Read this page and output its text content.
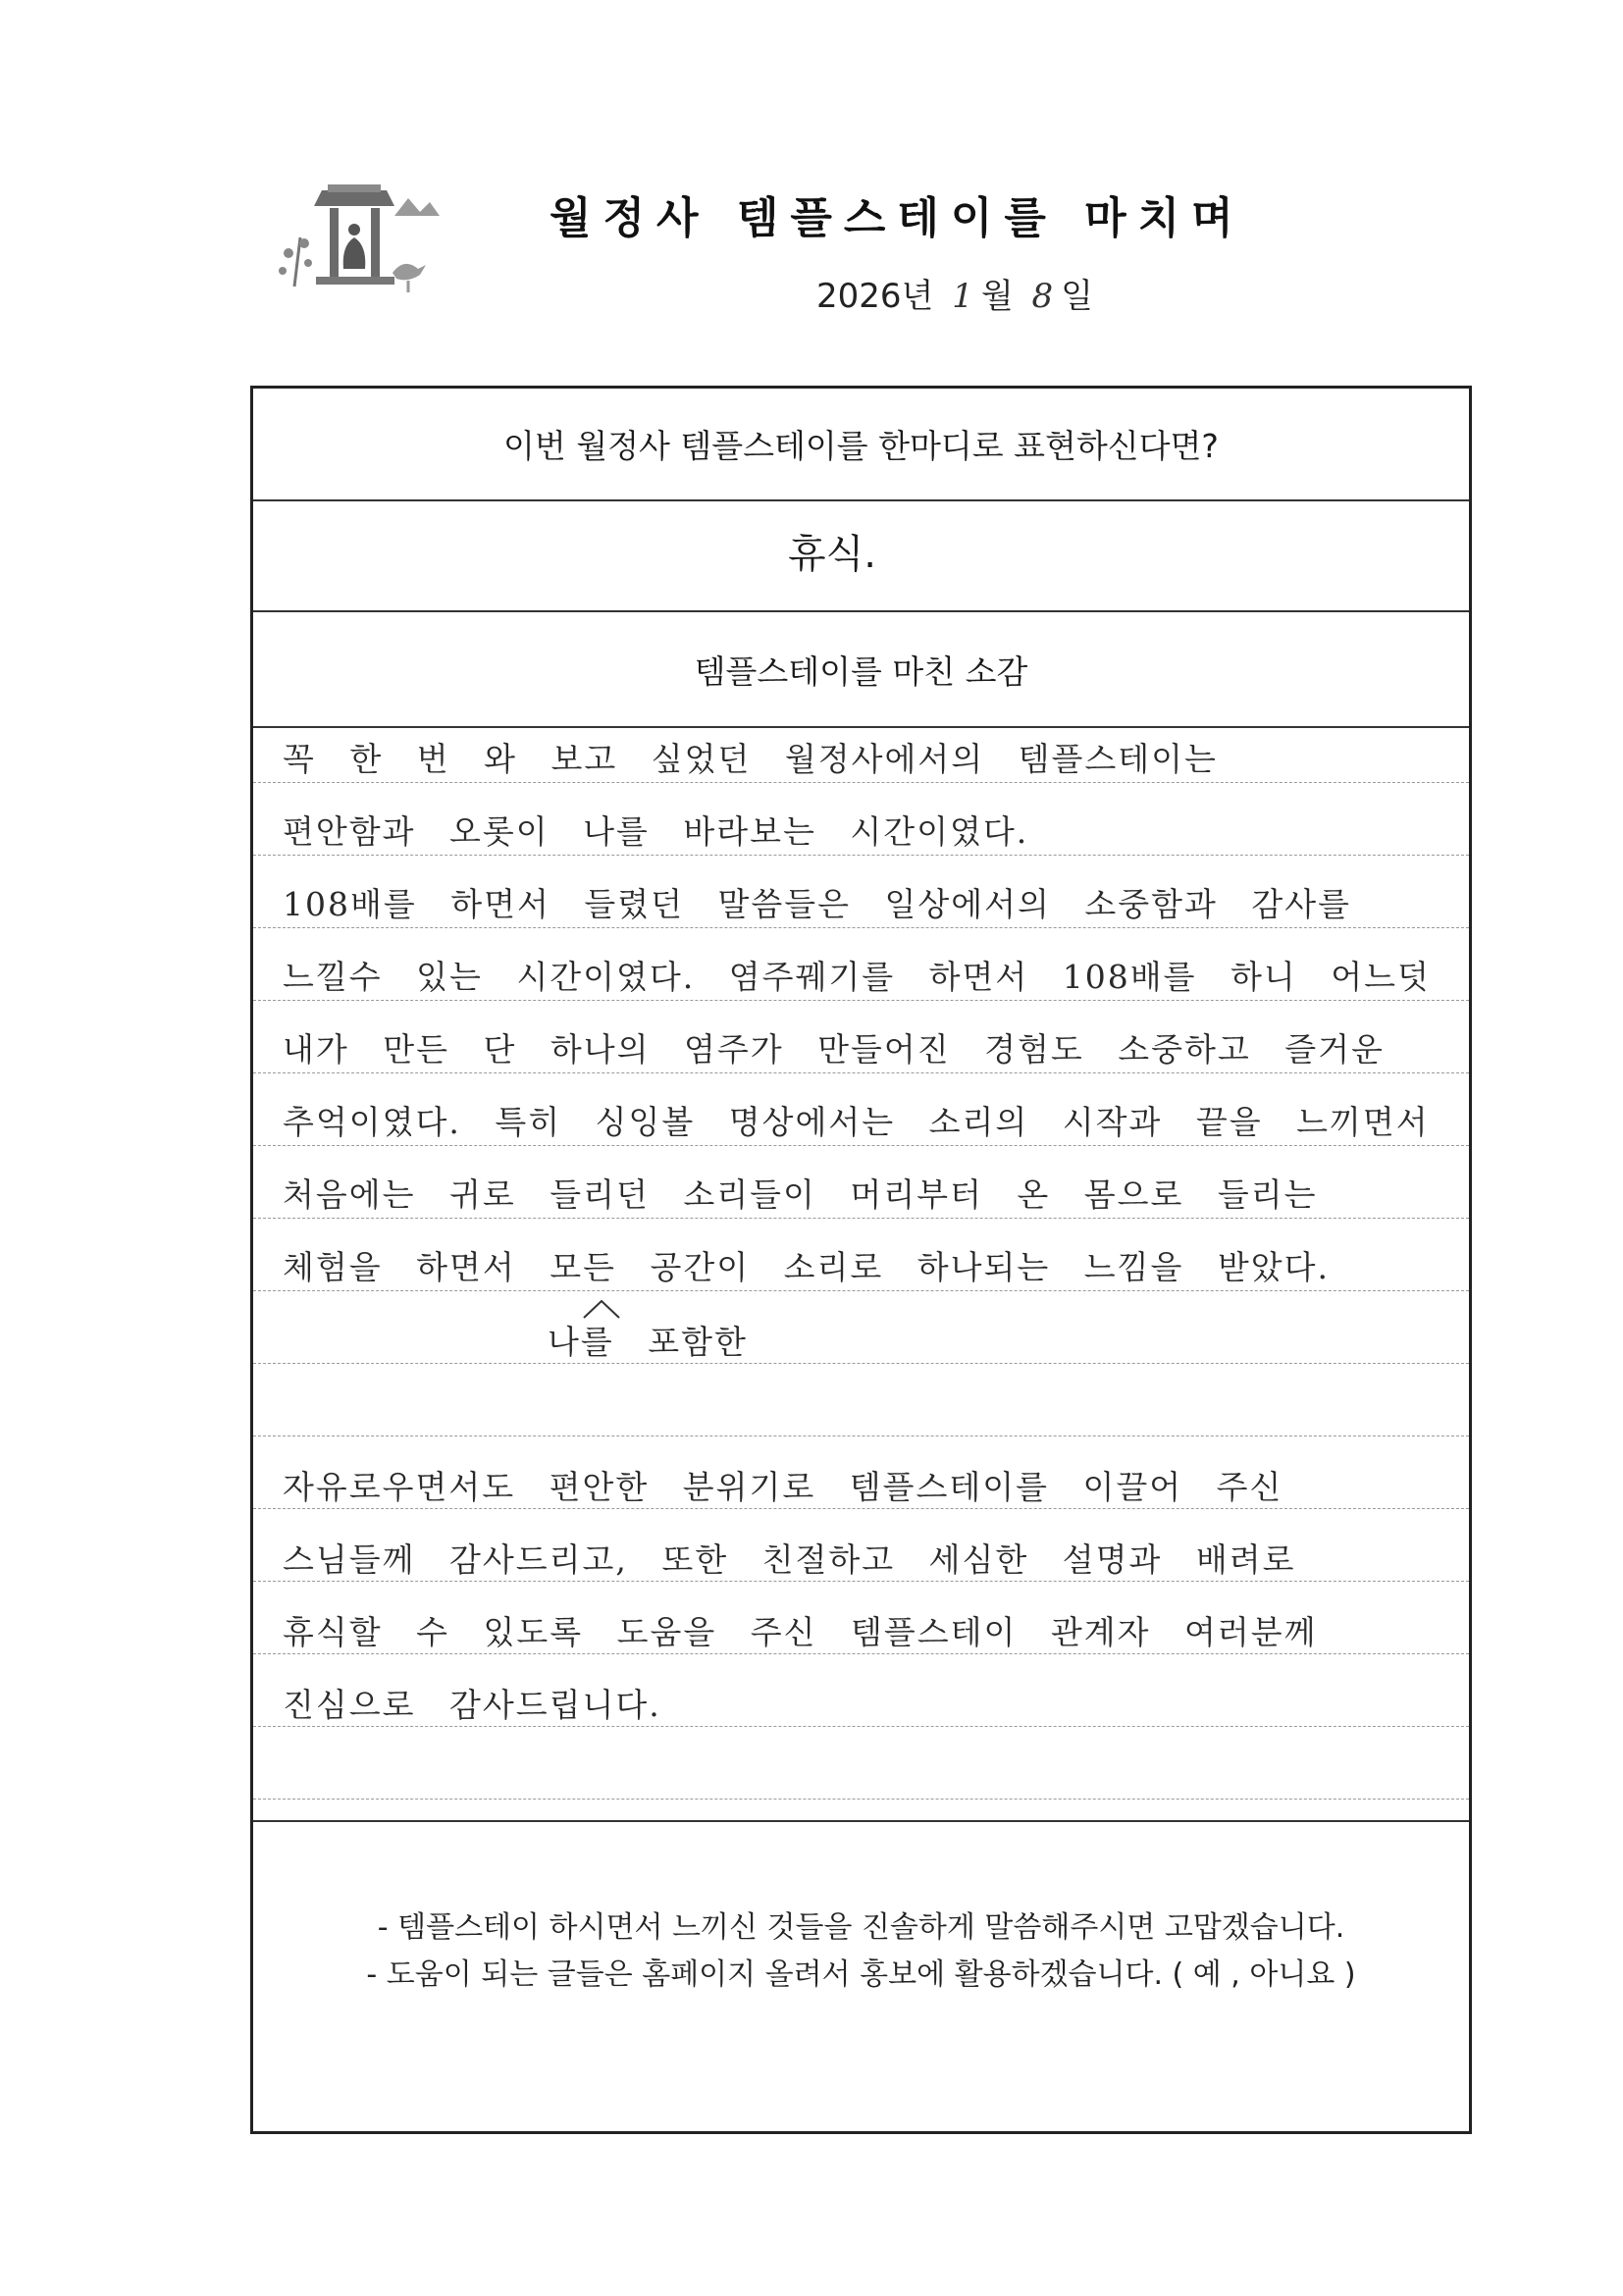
월정사 템플스테이를 마치며
2026년 1 월 8 일
이번 월정사 템플스테이를 한마디로 표현하신다면?
휴식.
템플스테이를 마친 소감
꼭 한 번 와 보고 싶었던 월정사에서의 템플스테이는
편안함과 오롯이 나를 바라보는 시간이였다.
108배를 하면서 들렸던 말씀들은 일상에서의 소중함과 감사를
느낄수 있는 시간이였다. 염주꿰기를 하면서 108배를 하니 어느덧
내가 만든 단 하나의 염주가 만들어진 경험도 소중하고 즐거운
추억이였다. 특히 싱잉볼 명상에서는 소리의 시작과 끝을 느끼면서
처음에는 귀로 들리던 소리들이 머리부터 온 몸으로 들리는
체험을 하면서 모든 공간이 소리로 하나되는 느낌을 받았다.
나를 포함한
자유로우면서도 편안한 분위기로 템플스테이를 이끌어 주신
스님들께 감사드리고, 또한 친절하고 세심한 설명과 배려로
휴식할 수 있도록 도움을 주신 템플스테이 관계자 여러분께
진심으로 감사드립니다.
- 템플스테이 하시면서 느끼신 것들을 진솔하게 말씀해주시면 고맙겠습니다.
- 도움이 되는 글들은 홈페이지 올려서 홍보에 활용하겠습니다. ( 예 , 아니요 )
